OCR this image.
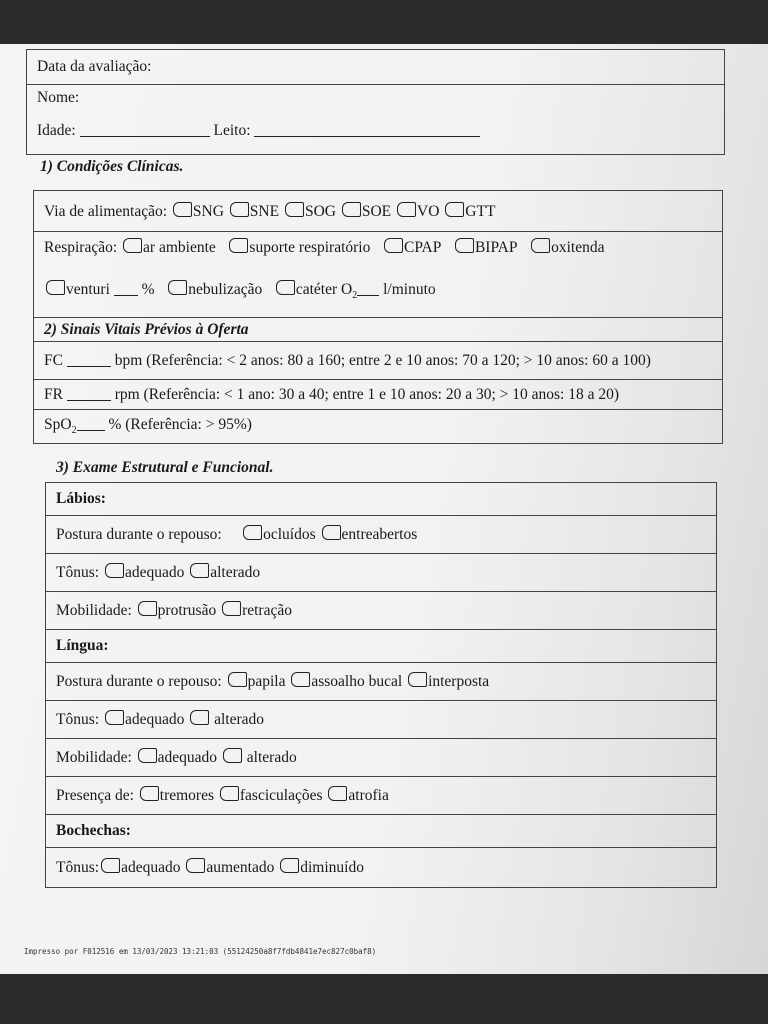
Data da avaliação:

Nome:
Idade:	Leito:
1) Condições Clínicas.
Via de alimentação: SNG SNE SOG SOE VO GTT

Respiração: ar ambiente suporte respiratório CPAP BIPAP oxitenda
venturi % nebulização catéter $O_2$ l/minuto

2) Sinais Vitais Prévios à Oferta
FC	bpm (Referência: < 2 anos: 80 a 160; entre 2 e 10 anos: 70 a 120; > 10 anos: 60 a 100)
FR	rpm (Referência: < 1 ano: 30 a 40; entre 1 e 10 anos: 20 a 30; > 10 anos: 18 a 20)
SpO$_2$ % (Referência: > 95%)
3) Exame Estrutural e Funcional.
Lábios:
Postura durante o repouso:	ocluídos entreabertos
Tônus: adequado alterado
Mobilidade: protrusão retração
Língua:
Postura durante o repouso: papila assoalho bucal interposta
Tônus: adequado alterado
Mobilidade: adequado alterado
Presença de: tremores fasciculações atrofia
Bochechas:
Tônus: adequado aumentado diminuído
Impresso por F012516 em 13/03/2023 13:21:03 (55124250a8f7fdb4841e7ec827c0baf8)
